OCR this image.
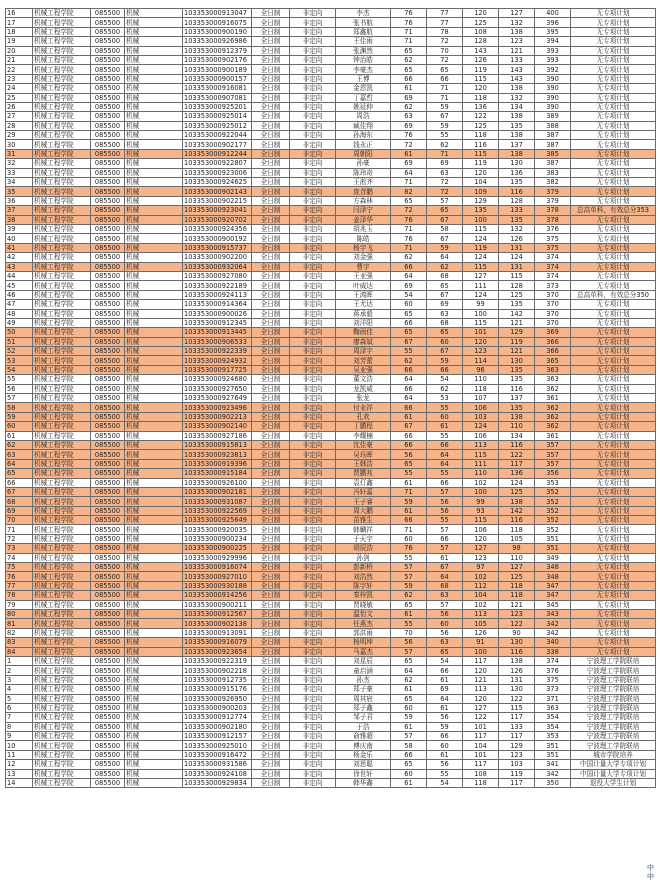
16	机械工程学院	085500	机械	103353000913047	全日制	非定向	李杰	76	77	120	127	400	无专项计划
17	机械工程学院	085500	机械	103353000916075	全日制	非定向	张书航	76	77	125	132	396	无专项计划
18	机械工程学院	085500	机械	103353000900190	全日制	非定向	郑鑫航	71	78	108	138	395	无专项计划
19	机械工程学院	085500	机械	103353000926986	全日制	非定向	王佳雨	71	72	128	123	394	无专项计划
20	机械工程学院	085500	机械	103353000912379	全日制	非定向	张渊然	65	70	143	121	393	无专项计划
21	机械工程学院	085500	机械	103353000902176	全日制	非定向	钟治皓	62	72	126	133	393	无专项计划
22	机械工程学院	085500	机械	103353000900189	全日制	非定向	李豪杰	65	65	119	143	392	无专项计划
23	机械工程学院	085500	机械	103353000900157	全日制	非定向	王博	66	66	115	143	390	无专项计划
24	机械工程学院	085500	机械	103353000916081	全日制	非定向	金恩凯	61	71	120	138	390	无专项计划
25	机械工程学院	085500	机械	103353000907081	全日制	非定向	丁嘉哲	69	71	118	132	390	无专项计划
26	机械工程学院	085500	机械	103353000925201	全日制	非定向	姚延伸	62	59	136	134	390	无专项计划
27	机械工程学院	085500	机械	103353000925014	全日制	非定向	周浩	63	67	122	138	389	无专项计划
28	机械工程学院	085500	机械	103353000925012	全日制	非定向	臧佳翔	69	59	125	135	388	无专项计划
29	机械工程学院	085500	机械	103353000922044	全日制	非定向	孙海东	76	55	118	138	387	无专项计划
30	机械工程学院	085500	机械	103353000902177	全日制	非定向	钱永正	72	62	116	137	387	无专项计划
31	机械工程学院	085500	机械	103353000912244	全日制	非定向	周朝阳	61	71	115	138	385	无专项计划
32	机械工程学院	085500	机械	103353000922807	全日制	非定向	孙豪	69	69	119	130	387	无专项计划
33	机械工程学院	085500	机械	103353000923006	全日制	非定向	陈玮奇	64	63	120	136	383	无专项计划
34	机械工程学院	085500	机械	103353000924625	全日制	非定向	王淞齐	71	72	104	135	382	无专项计划
35	机械工程学院	085500	机械	103353000902143	全日制	非定向	庞青鹏	82	72	109	116	379	无专项计划
36	机械工程学院	085500	机械	103353000902215	全日制	非定向	方森林	65	57	129	128	379	无专项计划
37	机械工程学院	085500	机械	103353000923041	全日制	非定向	闫泽宁	72	65	135	133	378	总高单科，有效总分353
38	机械工程学院	085500	机械	103353000920702	全日制	非定向	姜泽华	76	67	100	135	378	无专项计划
39	机械工程学院	085500	机械	103353000924356	全日制	非定向	胡兆玉	71	58	115	132	376	无专项计划
40	机械工程学院	085500	机械	103353000900192	全日制	非定向	陈皓	76	67	124	126	375	无专项计划
41	机械工程学院	085500	机械	103353000915737	全日制	非定向	杨宇飞	71	59	119	131	375	无专项计划
42	机械工程学院	085500	机械	103353000902200	全日制	非定向	刘金强	62	64	124	124	374	无专项计划
43	机械工程学院	085500	机械	103353000932064	全日制	非定向	曹宇	66	62	115	131	374	无专项计划
44	机械工程学院	085500	机械	103353000927080	全日制	非定向	王亚强	64	68	127	115	374	无专项计划
45	机械工程学院	085500	机械	103353000922189	全日制	非定向	叶威达	69	65	111	128	373	无专项计划
46	机械工程学院	085500	机械	103353000924113	全日制	非定向	王鸿晖	54	67	124	125	370	总高单科，有效总分350
47	机械工程学院	085500	机械	103353000914364	全日制	非定向	王尤达	60	69	99	135	370	无专项计划
48	机械工程学院	085500	机械	103353000900026	全日制	非定向	蒋承毅	65	63	100	142	370	无专项计划
49	机械工程学院	085500	机械	103353000912345	全日制	非定向	刘洋阳	66	68	115	121	370	无专项计划
50	机械工程学院	085500	机械	103353000913445	全日制	非定向	鞠雨佳	65	65	101	129	369	无专项计划
51	机械工程学院	085500	机械	103353000906533	全日制	非定向	廖森斌	67	60	120	119	366	无专项计划
52	机械工程学院	085500	机械	103353000922339	全日制	非定向	周泽宇	55	67	123	121	366	无专项计划
53	机械工程学院	085500	机械	103353000924932	全日制	非定向	刘芳蕾	62	59	114	130	365	无专项计划
54	机械工程学院	085500	机械	103353000917725	全日制	非定向	吴亚强	66	66	96	135	363	无专项计划
55	机械工程学院	085500	机械	103353000924680	全日制	非定向	董文浩	64	54	110	135	363	无专项计划
56	机械工程学院	085500	机械	103353000927650	全日制	非定向	龙凯威	66	62	118	116	362	无专项计划
57	机械工程学院	085500	机械	103353000927649	全日制	非定向	张龙	64	53	107	137	361	无专项计划
58	机械工程学院	085500	机械	103353000923496	全日制	非定向	付业祥	66	55	106	135	362	无专项计划
59	机械工程学院	085500	机械	103353000902213	全日制	非定向	孔欢	61	60	103	138	362	无专项计划
60	机械工程学院	085500	机械	103353000902140	全日制	非定向	丁鹏程	67	61	124	110	362	无专项计划
61	机械工程学院	085500	机械	103353000927186	全日制	非定向	李耀楠	66	55	106	134	361	无专项计划
62	机械工程学院	085500	机械	103353000915813	全日制	非定向	沈佳豪	66	66	113	116	357	无专项计划
63	机械工程学院	085500	机械	103353000923813	全日制	非定向	吴珏晖	56	64	115	122	357	无专项计划
64	机械工程学院	085500	机械	103353000919396	全日制	非定向	王韩浩	65	64	111	117	357	无专项计划
65	机械工程学院	085500	机械	103353000915184	全日制	非定向	贾鹏兆	55	55	110	136	356	无专项计划
66	机械工程学院	085500	机械	103353000926100	全日制	非定向	袁灯鑫	61	66	102	124	353	无专项计划
67	机械工程学院	085500	机械	103353000902181	全日制	非定向	冯轩嘉	71	57	100	125	352	无专项计划
68	机械工程学院	085500	机械	103353000931087	全日制	非定向	王子睿	59	56	99	138	352	无专项计划
69	机械工程学院	085500	机械	103353000922569	全日制	非定向	周大鹏	61	56	93	142	352	无专项计划
70	机械工程学院	085500	机械	103353000925649	全日制	非定向	苗雅生	66	55	115	116	352	无专项计划
71	机械工程学院	085500	机械	103353000920035	全日制	非定向	韩麟祥	71	57	106	118	352	无专项计划
72	机械工程学院	085500	机械	103353000900234	全日制	非定向	于天宇	60	66	120	105	351	无专项计划
73	机械工程学院	085500	机械	103353000900225	全日制	非定向	胡辰浩	76	57	127	98	351	无专项计划
74	机械工程学院	085500	机械	103353000929996	全日制	非定向	孙剑	55	61	123	110	349	无专项计划
75	机械工程学院	085500	机械	103353000916074	全日制	非定向	彭新桥	57	67	97	127	348	无专项计划
76	机械工程学院	085500	机械	103353000927010	全日制	非定向	刘浩然	57	64	102	125	348	无专项计划
77	机械工程学院	085500	机械	103353000930188	全日制	非定向	陈宇轩	59	68	112	118	347	无专项计划
78	机械工程学院	085500	机械	103353000914256	全日制	非定向	秦梓凯	62	63	104	118	347	无专项计划
79	机械工程学院	085500	机械	103353000900211	全日制	非定向	贾晓敏	65	57	102	121	345	无专项计划
80	机械工程学院	085500	机械	103353000912567	全日制	非定向	温怡文	61	56	113	123	343	无专项计划
81	机械工程学院	085500	机械	103353000902138	全日制	非定向	任燕杰	55	60	105	122	342	无专项计划
82	机械工程学院	085500	机械	103353000913091	全日制	非定向	郭洪雨	70	56	126	90	342	无专项计划
83	机械工程学院	085500	机械	103353000916079	全日制	非定向	杨明坤	56	63	91	130	340	无专项计划
84	机械工程学院	085500	机械	103353000923654	全日制	非定向	马嘉杰	57	65	100	116	338	无专项计划
1	机械工程学院	085500	机械	103353000922319	全日制	非定向	刘星辰	65	54	117	138	374	宁波理工学院联培
2	机械工程学院	085500	机械	103353000902218	全日制	非定向	童启涵	64	66	120	126	376	宁波理工学院联培
3	机械工程学院	085500	机械	103353000912735	全日制	非定向	孙杰	62	61	121	131	375	宁波理工学院联培
4	机械工程学院	085500	机械	103353000915176	全日制	非定向	郑子豪	61	69	113	130	373	宁波理工学院联培
5	机械工程学院	085500	机械	103353000926950	全日制	非定向	周其宸	65	64	120	122	371	宁波理工学院联培
6	机械工程学院	085500	机械	103353000900203	全日制	非定向	郑子鑫	60	61	127	115	363	宁波理工学院联培
7	机械工程学院	085500	机械	103353000912774	全日制	非定向	邹子君	59	56	122	117	354	宁波理工学院联培
8	机械工程学院	085500	机械	103353000902180	全日制	非定向	于浩	61	59	101	133	354	宁波理工学院联培
9	机械工程学院	085500	机械	103353000912157	全日制	非定向	俞雅超	57	66	117	117	353	宁波理工学院联培
10	机械工程学院	085500	机械	103353000925010	全日制	非定向	傅庆南	58	60	104	129	351	宁波理工学院联培
11	机械工程学院	085500	机械	103353000916472	全日制	非定向	杨金乐	66	61	101	123	351	城市学院培养
12	机械工程学院	085500	机械	103353000931586	全日制	非定向	刘思聪	65	56	117	103	341	中国计量大学专项计划
13	机械工程学院	085500	机械	103353000924108	全日制	非定向	徐世轩	60	55	108	119	342	中国计量大学专项计划
14	机械工程学院	085500	机械	103353000929834	全日制	非定向	韩华鑫	61	54	118	117	350	退役大学生计划
中
中
